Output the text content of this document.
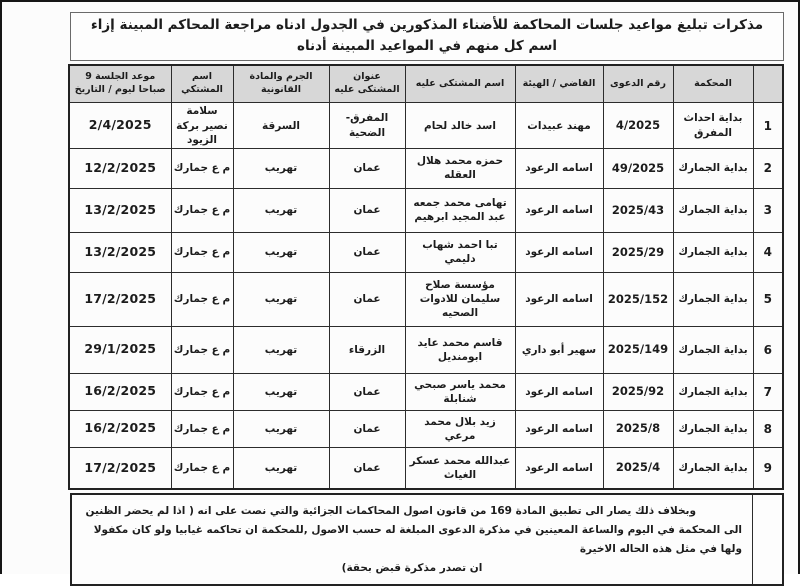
مذكرات تبليغ مواعيد جلسات المحاكمة للأضناء المذكورين في الجدول ادناه مراجعة المحاكم المبينة إزاء اسم كل منهم في المواعيد المبينة أدناه
	المحكمة	رقم الدعوى	القاضي / الهيئة	اسم المشتكى عليه	عنوان المشتكى عليه	الجرم والمادة القانونية	اسم المشتكي	موعد الجلسة 9 صباحا ليوم / التاريخ
1	بداية احداث المفرق	4/2025	مهند عبيدات	اسد خالد لحام	المفرق-الضحية	السرقة	سلامة نصير بركة الزيود	2/4/2025
2	بداية الجمارك	49/2025	اسامه الرعود	حمزه محمد هلال العقله	عمان	تهريب	م ع جمارك	12/2/2025
3	بداية الجمارك	2025/43	اسامه الرعود	تهامى محمد جمعه عبد المجيد ابرهيم	عمان	تهريب	م ع جمارك	13/2/2025
4	بداية الجمارك	2025/29	اسامه الرعود	تبا احمد شهاب دليمي	عمان	تهريب	م ع جمارك	13/2/2025
5	بداية الجمارك	2025/152	اسامه الرعود	مؤسسة صلاح سليمان للادوات الصحيه	عمان	تهريب	م ع جمارك	17/2/2025
6	بداية الجمارك	2025/149	سهير أبو داري	قاسم محمد عايد ابومنديل	الزرقاء	تهريب	م ع جمارك	29/1/2025
7	بداية الجمارك	2025/92	اسامه الرعود	محمد ياسر صبحي شنابلة	عمان	تهريب	م ع جمارك	16/2/2025
8	بداية الجمارك	2025/8	اسامه الرعود	زيد بلال محمد مرعي	عمان	تهريب	م ع جمارك	16/2/2025
9	بداية الجمارك	2025/4	اسامه الرعود	عبدالله محمد عسكر الغياث	عمان	تهريب	م ع جمارك	17/2/2025
وبخلاف ذلك يصار الى تطبيق المادة 169 من قانون اصول المحاكمات الجزائية والتي نصت على انه ( اذا لم يحضر الظنين
الى المحكمة في اليوم والساعة المعينين في مذكرة الدعوى المبلغة له حسب الاصول ,للمحكمة ان تحاكمه غيابيا ولو كان مكفولا ولها في مثل هذه الحاله الاخيرة
ان تصدر مذكرة قبض بحقة)
